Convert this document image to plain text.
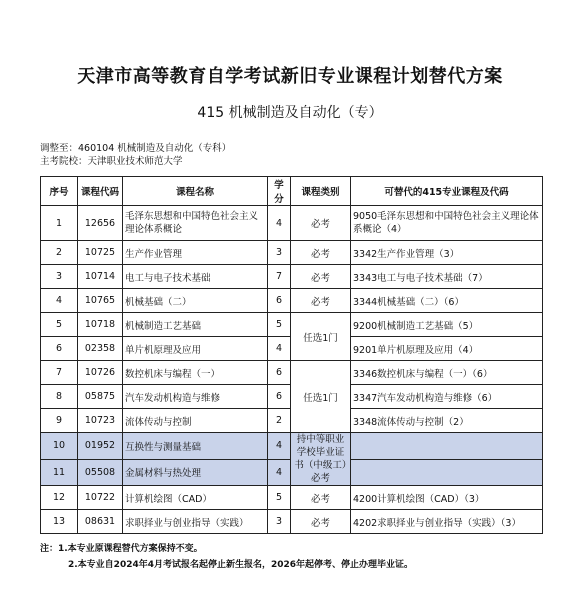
天津市高等教育自学考试新旧专业课程计划替代方案
415 机械制造及自动化（专）
调整至：460104 机械制造及自动化（专科）
主考院校：天津职业技术师范大学
序号	课程代码	课程名称	学分	课程类别	可替代的415专业课程及代码
1	12656	毛泽东思想和中国特色社会主义理论体系概论	4	必考	9050毛泽东思想和中国特色社会主义理论体系概论（4）
2	10725	生产作业管理	3	必考	3342生产作业管理（3）
3	10714	电工与电子技术基础	7	必考	3343电工与电子技术基础（7）
4	10765	机械基础（二）	6	必考	3344机械基础（二）（6）
5	10718	机械制造工艺基础	5	任选1门	9200机械制造工艺基础（5）
6	02358	单片机原理及应用	4		9201单片机原理及应用（4）
7	10726	数控机床与编程（一）	6	任选1门	3346数控机床与编程（一）（6）
8	05875	汽车发动机构造与维修	6		3347汽车发动机构造与维修（6）
9	10723	流体传动与控制	2		3348流体传动与控制（2）
10	01952	互换性与测量基础	4	持中等职业学校毕业证书（中级工）必考	
11	05508	金属材料与热处理	4		
12	10722	计算机绘图（CAD）	5	必考	4200计算机绘图（CAD）（3）
13	08631	求职择业与创业指导（实践）	3	必考	4202求职择业与创业指导（实践）（3）
注：1.本专业原课程替代方案保持不变。
2.本专业自2024年4月考试报名起停止新生报名，2026年起停考、停止办理毕业证。
